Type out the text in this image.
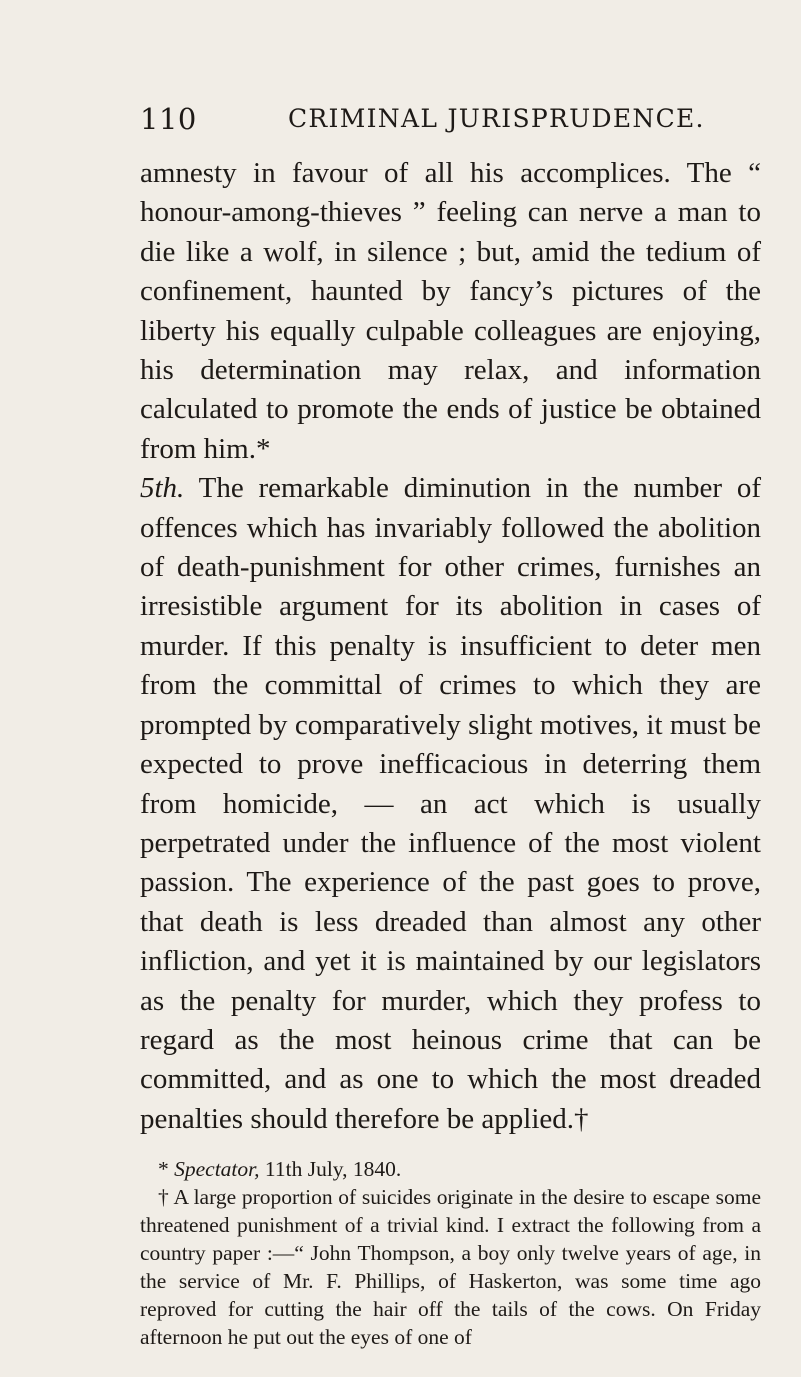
110	CRIMINAL JURISPRUDENCE.

amnesty in favour of all his accomplices. The “ honour-among-thieves ” feeling can nerve a man to die like a wolf, in silence ; but, amid the tedium of confinement, haunted by fancy’s pictures of the liberty his equally culpable colleagues are enjoying, his determination may relax, and information calculated to promote the ends of justice be obtained from him.*

5th. The remarkable diminution in the number of offences which has invariably followed the abolition of death-punishment for other crimes, furnishes an irresistible argument for its abolition in cases of murder. If this penalty is insufficient to deter men from the committal of crimes to which they are prompted by comparatively slight motives, it must be expected to prove inefficacious in deterring them from homicide, — an act which is usually perpetrated under the influence of the most violent passion. The experience of the past goes to prove, that death is less dreaded than almost any other infliction, and yet it is maintained by our legislators as the penalty for murder, which they profess to regard as the most heinous crime that can be committed, and as one to which the most dreaded penalties should therefore be applied.†

* Spectator, 11th July, 1840.

† A large proportion of suicides originate in the desire to escape some threatened punishment of a trivial kind. I extract the following from a country paper :—“ John Thompson, a boy only twelve years of age, in the service of Mr. F. Phillips, of Haskerton, was some time ago reproved for cutting the hair off the tails of the cows. On Friday afternoon he put out the eyes of one of
